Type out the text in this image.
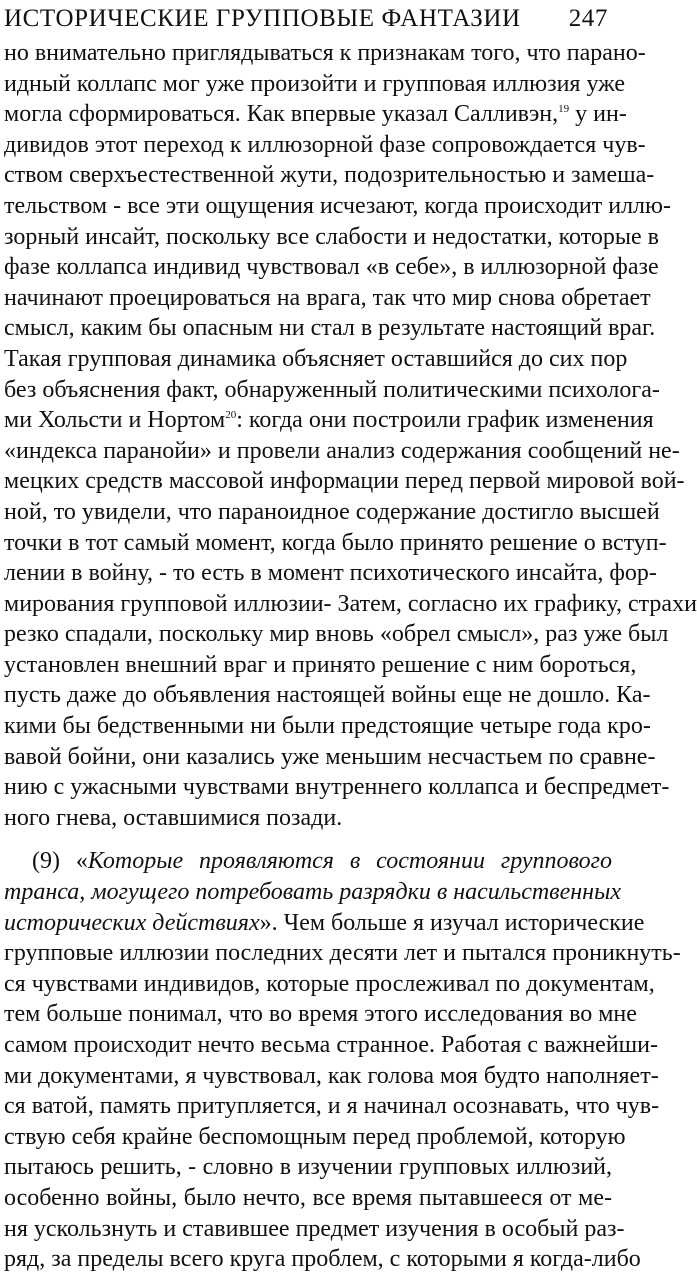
ИСТОРИЧЕСКИЕ ГРУППОВЫЕ ФАНТАЗИИ 247
но внимательно приглядываться к признакам того, что парано-
идный коллапс мог уже произойти и групповая иллюзия уже
могла сформироваться. Как впервые указал Салливэн,$^{19}$ у ин-
дивидов этот переход к иллюзорной фазе сопровождается чув-
ством сверхъестественной жути, подозрительностью и замеша-
тельством - все эти ощущения исчезают, когда происходит иллю-
зорный инсайт, поскольку все слабости и недостатки, которые в
фазе коллапса индивид чувствовал «в себе», в иллюзорной фазе
начинают проецироваться на врага, так что мир снова обретает
смысл, каким бы опасным ни стал в результате настоящий враг.
Такая групповая динамика объясняет оставшийся до сих пор
без объяснения факт, обнаруженный политическими психолога-
ми Хольсти и Нортом$^{20}$: когда они построили график изменения
«индекса паранойи» и провели анализ содержания сообщений не-
мецких средств массовой информации перед первой мировой вой-
ной, то увидели, что параноидное содержание достигло высшей
точки в тот самый момент, когда было принято решение о вступ-
лении в войну, - то есть в момент психотического инсайта, фор-
мирования групповой иллюзии- Затем, согласно их графику, страхи
резко спадали, поскольку мир вновь «обрел смысл», раз уже был
установлен внешний враг и принято решение с ним бороться,
пусть даже до объявления настоящей войны еще не дошло. Ка-
кими бы бедственными ни были предстоящие четыре года кро-
вавой бойни, они казались уже меньшим несчастьем по сравне-
нию с ужасными чувствами внутреннего коллапса и беспредмет-
ного гнева, оставшимися позади.
(9) «Которые проявляются в состоянии группового
транса, могущего потребовать разрядки в насильственных
исторических действиях». Чем больше я изучал исторические
групповые иллюзии последних десяти лет и пытался проникнуть-
ся чувствами индивидов, которые прослеживал по документам,
тем больше понимал, что во время этого исследования во мне
самом происходит нечто весьма странное. Работая с важнейши-
ми документами, я чувствовал, как голова моя будто наполняет-
ся ватой, память притупляется, и я начинал осознавать, что чув-
ствую себя крайне беспомощным перед проблемой, которую
пытаюсь решить, - словно в изучении групповых иллюзий,
особенно войны, было нечто, все время пытавшееся от ме-
ня ускользнуть и ставившее предмет изучения в особый раз-
ряд, за пределы всего круга проблем, с которыми я когда-либо
